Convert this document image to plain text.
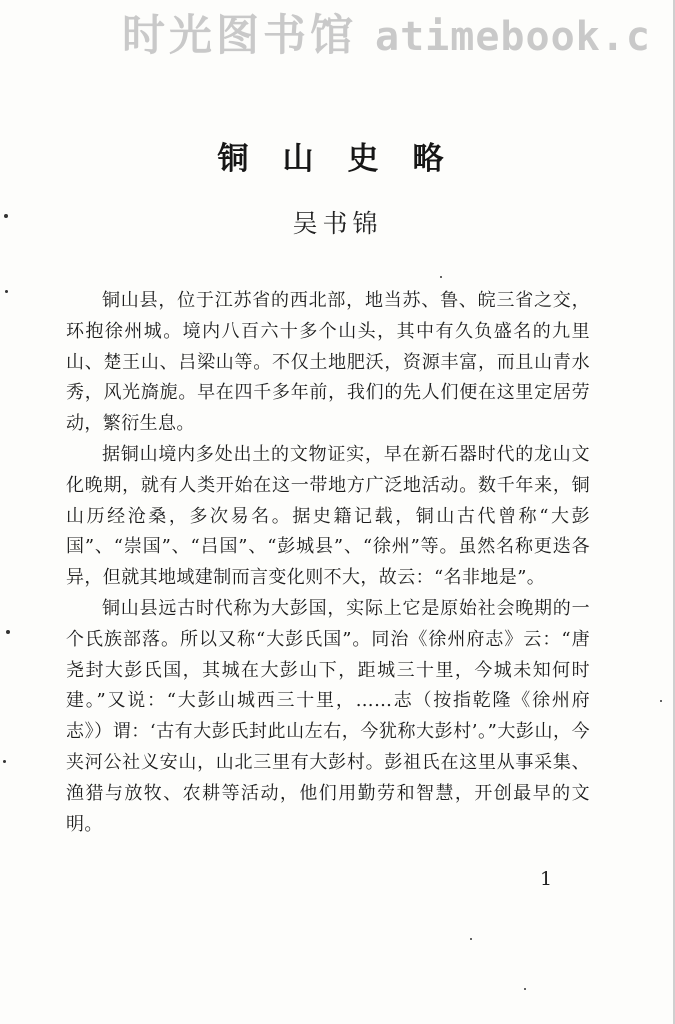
时光图书馆 atimebook.c
铜山史略
吴书锦

铜山县，位于江苏省的西北部，地当苏、鲁、皖三省之交，环抱徐州城。境内八百六十多个山头，其中有久负盛名的九里山、楚王山、吕梁山等。不仅土地肥沃，资源丰富，而且山青水秀，风光旖旎。早在四千多年前，我们的先人们便在这里定居劳动，繁衍生息。

据铜山境内多处出土的文物证实，早在新石器时代的龙山文化晚期，就有人类开始在这一带地方广泛地活动。数千年来，铜山历经沧桑，多次易名。据史籍记载，铜山古代曾称“大彭国”、“崇国”、“吕国”、“彭城县”、“徐州”等。虽然名称更迭各异，但就其地域建制而言变化则不大，故云：“名非地是”。

铜山县远古时代称为大彭国，实际上它是原始社会晚期的一个氏族部落。所以又称“大彭氏国”。同治《徐州府志》云：“唐尧封大彭氏国，其城在大彭山下，距城三十里，今城未知何时建。”又说：“大彭山城西三十里，……志（按指乾隆《徐州府志》）谓：‘古有大彭氏封此山左右，今犹称大彭村’。”大彭山，今夹河公社义安山，山北三里有大彭村。彭祖氏在这里从事采集、渔猎与放牧、农耕等活动，他们用勤劳和智慧，开创最早的文明。

1
